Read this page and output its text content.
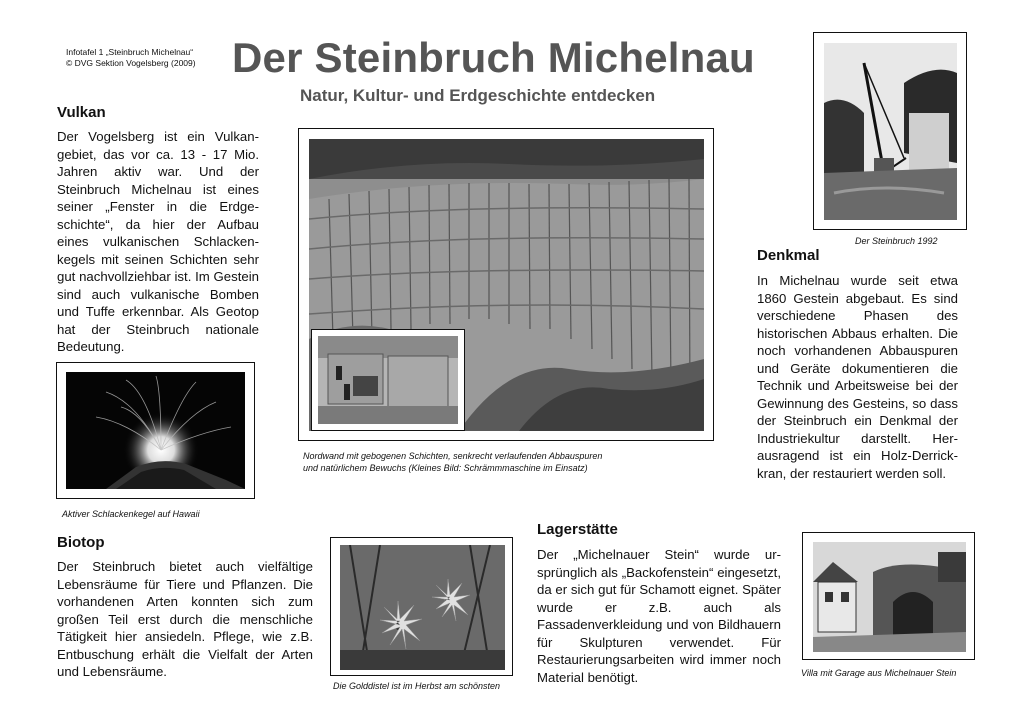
Infotafel 1 „Steinbruch Michelnau“
© DVG Sektion Vogelsberg (2009) Der Steinbruch Michelnau
Natur, Kultur- und Erdgeschichte entdecken
Vulkan
Der Vogelsberg ist ein Vulkangebiet, das vor ca. 13 - 17 Mio. Jahren aktiv war. Und der Steinbruch Michelnau ist eines seiner „Fenster in die Erdgeschichte“, da hier der Aufbau eines vulkanischen Schlackenkegels mit seinen Schichten sehr gut nachvollziehbar ist. Im Gestein sind auch vulkanische Bomben und Tuffe erkennbar. Als Geotop hat der Steinbruch nationale Bedeutung.
Aktiver Schlackenkegel auf Hawaii
Biotop
Der Steinbruch bietet auch vielfältige Lebensräume für Tiere und Pflanzen. Die vorhandenen Arten konnten sich zum großen Teil erst durch die menschliche Tätigkeit hier ansiedeln. Pflege, wie z.B. Entbuschung erhält die Vielfalt der Arten und Lebensräume.
Nordwand mit gebogenen Schichten, senkrecht verlaufenden Abbauspuren
und natürlichem Bewuchs (Kleines Bild: Schrämmmaschine im Einsatz)
Der Steinbruch 1992
Denkmal
In Michelnau wurde seit etwa 1860 Gestein abgebaut. Es sind verschiedene Phasen des historischen Abbaus erhalten. Die noch vorhandenen Abbauspuren und Geräte dokumentieren die Technik und Arbeitsweise bei der Gewinnung des Gesteins, so dass der Steinbruch ein Denkmal der Industriekultur darstellt. Herausragend ist ein Holz-Derrickkran, der restauriert werden soll.
Die Golddistel ist im Herbst am schönsten
Lagerstätte
Der „Michelnauer Stein“ wurde ursprünglich als „Backofenstein“ eingesetzt, da er sich gut für Schamott eignet. Später wurde er z.B. auch als Fassadenverkleidung und von Bildhauern für Skulpturen verwendet. Für Restaurierungsarbeiten wird immer noch Material benötigt.	Villa mit Garage aus Michelnauer Stein
